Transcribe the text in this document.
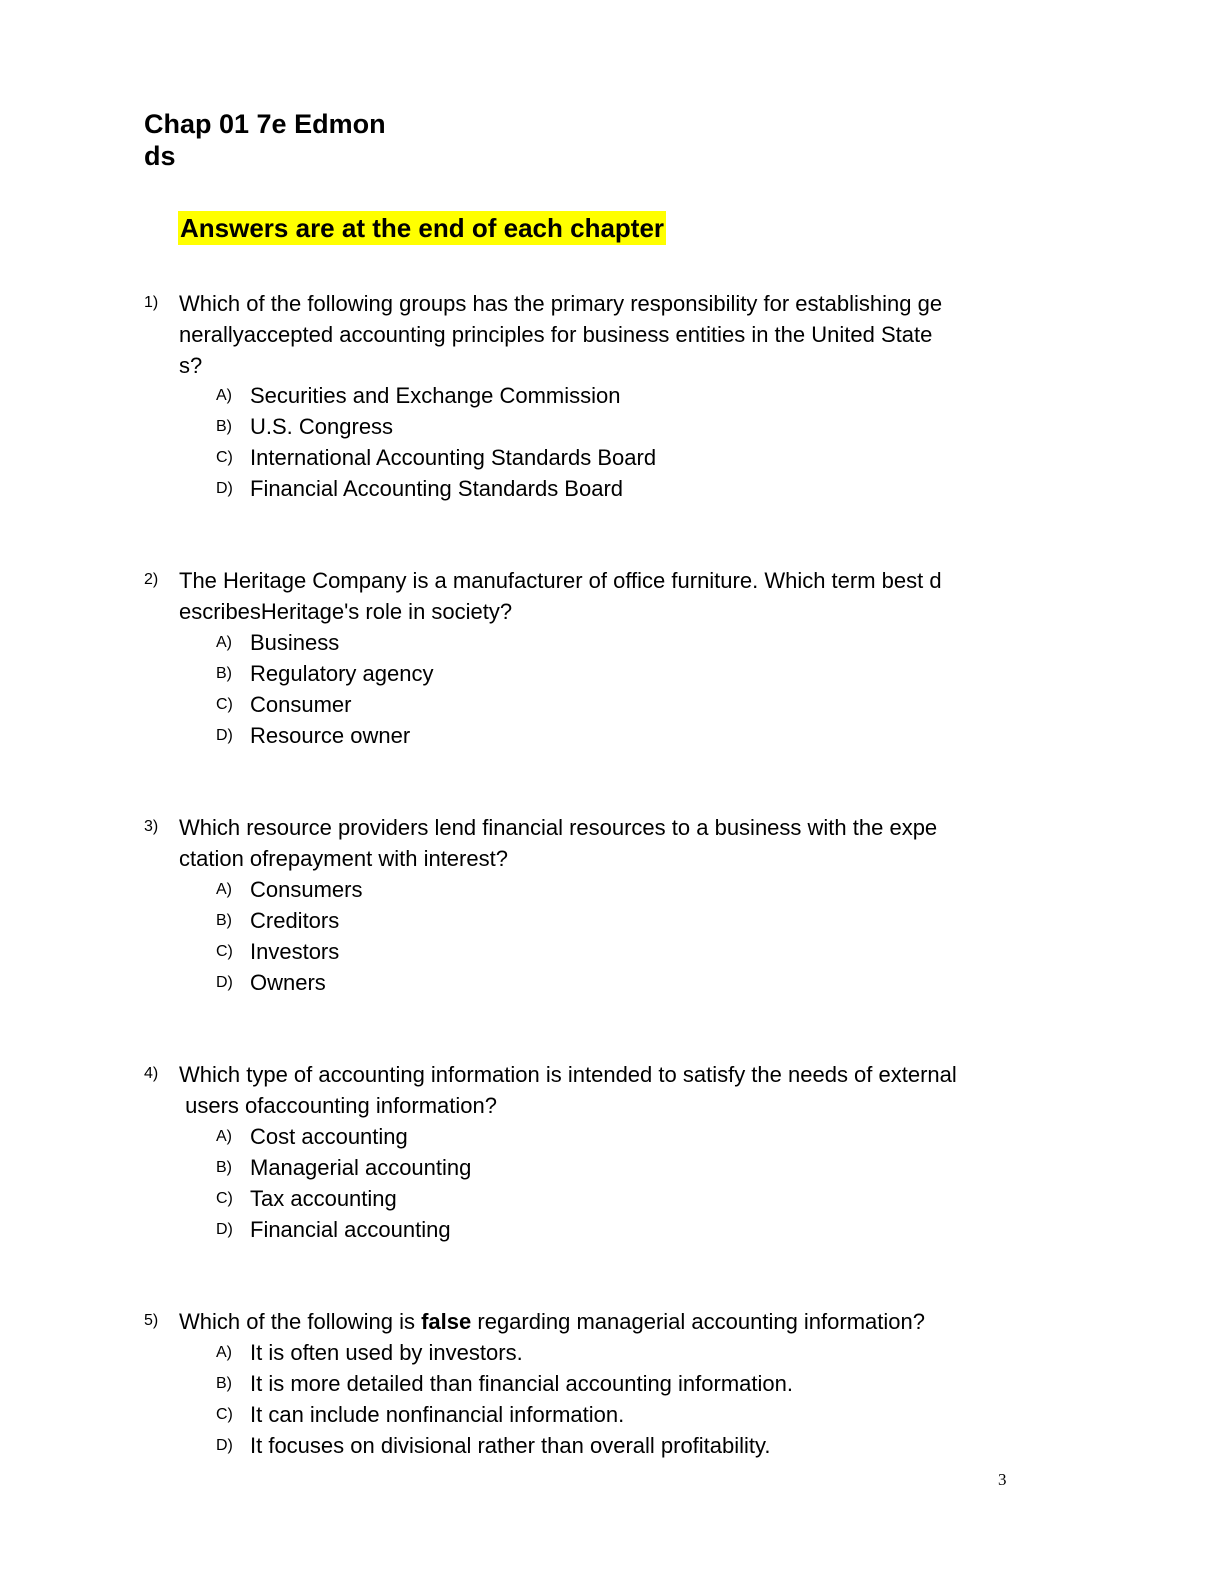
Chap 01 7e Edmon
ds
Answers are at the end of each chapter
1) Which of the following groups has the primary responsibility for establishing ge
nerallyaccepted accounting principles for business entities in the United State
s?
A) Securities and Exchange Commission
B) U.S. Congress
C) International Accounting Standards Board
D) Financial Accounting Standards Board
2) The Heritage Company is a manufacturer of office furniture. Which term best d
escribesHeritage's role in society?
A) Business
B) Regulatory agency
C) Consumer
D) Resource owner
3) Which resource providers lend financial resources to a business with the expe
ctation ofrepayment with interest?
A) Consumers
B) Creditors
C) Investors
D) Owners
4) Which type of accounting information is intended to satisfy the needs of external
users ofaccounting information?
A) Cost accounting
B) Managerial accounting
C) Tax accounting
D) Financial accounting
5) Which of the following is false regarding managerial accounting information?
A) It is often used by investors.
B) It is more detailed than financial accounting information.
C) It can include nonfinancial information.
D) It focuses on divisional rather than overall profitability.
3
